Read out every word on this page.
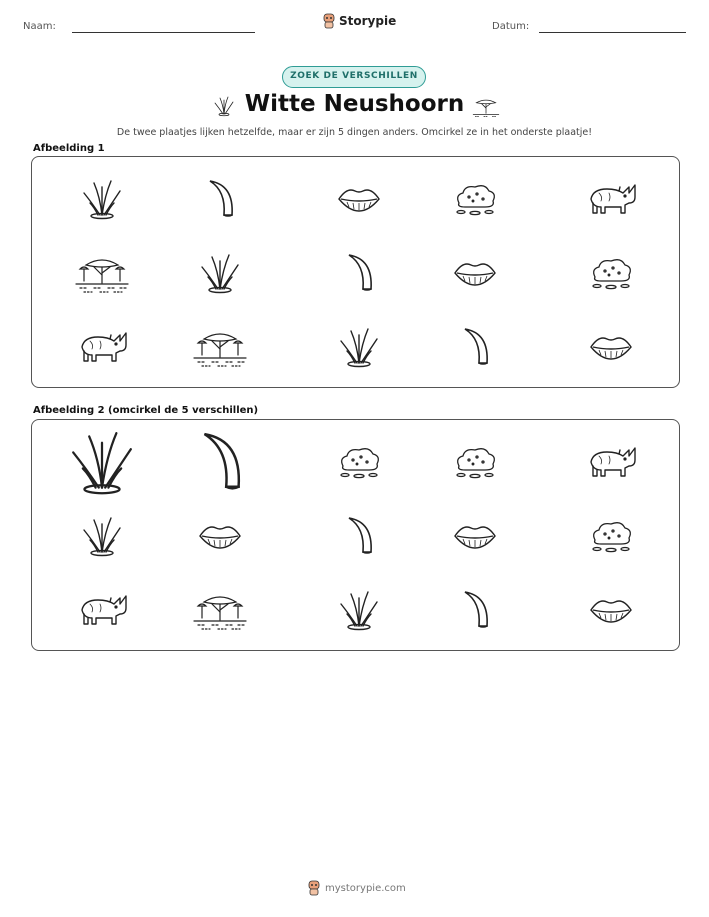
Naam:	Storypie	Datum:
ZOEK DE VERSCHILLEN
Witte Neushoorn
De twee plaatjes lijken hetzelfde, maar er zijn 5 dingen anders. Omcirkel ze in het onderste plaatje!
Afbeelding 1
Afbeelding 2 (omcirkel de 5 verschillen)
mystorypie.com
